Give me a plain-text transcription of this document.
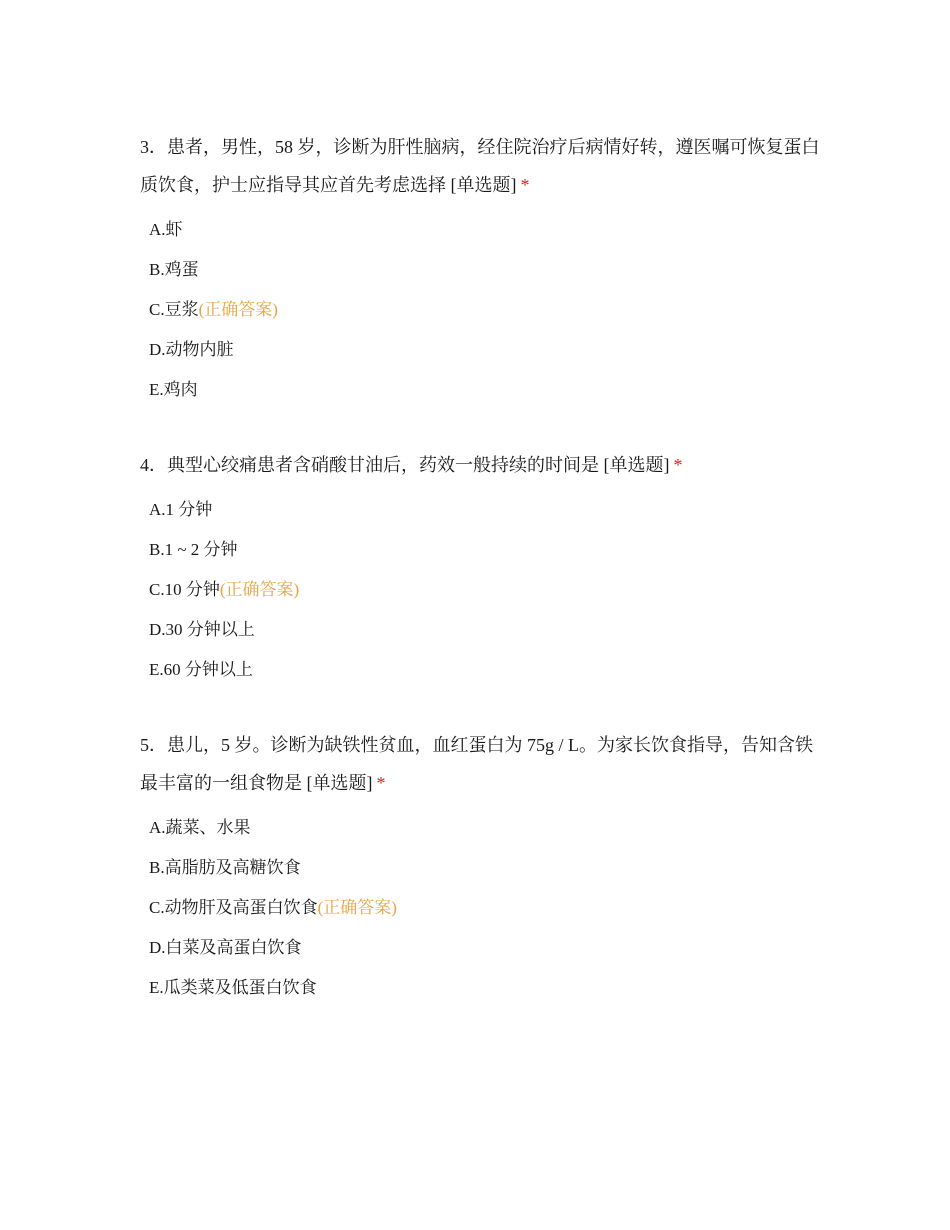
3．患者，男性，58 岁，诊断为肝性脑病，经住院治疗后病情好转，遵医嘱可恢复蛋白质饮食，护士应指导其应首先考虑选择 [单选题] *

A.虾
B.鸡蛋
C.豆浆(正确答案)
D.动物内脏
E.鸡肉

4．典型心绞痛患者含硝酸甘油后，药效一般持续的时间是 [单选题] *

A.1 分钟
B.1 ~ 2 分钟
C.10 分钟(正确答案)
D.30 分钟以上
E.60 分钟以上

5．患儿，5 岁。诊断为缺铁性贫血，血红蛋白为 75g / L。为家长饮食指导，告知含铁最丰富的一组食物是 [单选题] *

A.蔬菜、水果
B.高脂肪及高糖饮食
C.动物肝及高蛋白饮食(正确答案)
D.白菜及高蛋白饮食
E.瓜类菜及低蛋白饮食
